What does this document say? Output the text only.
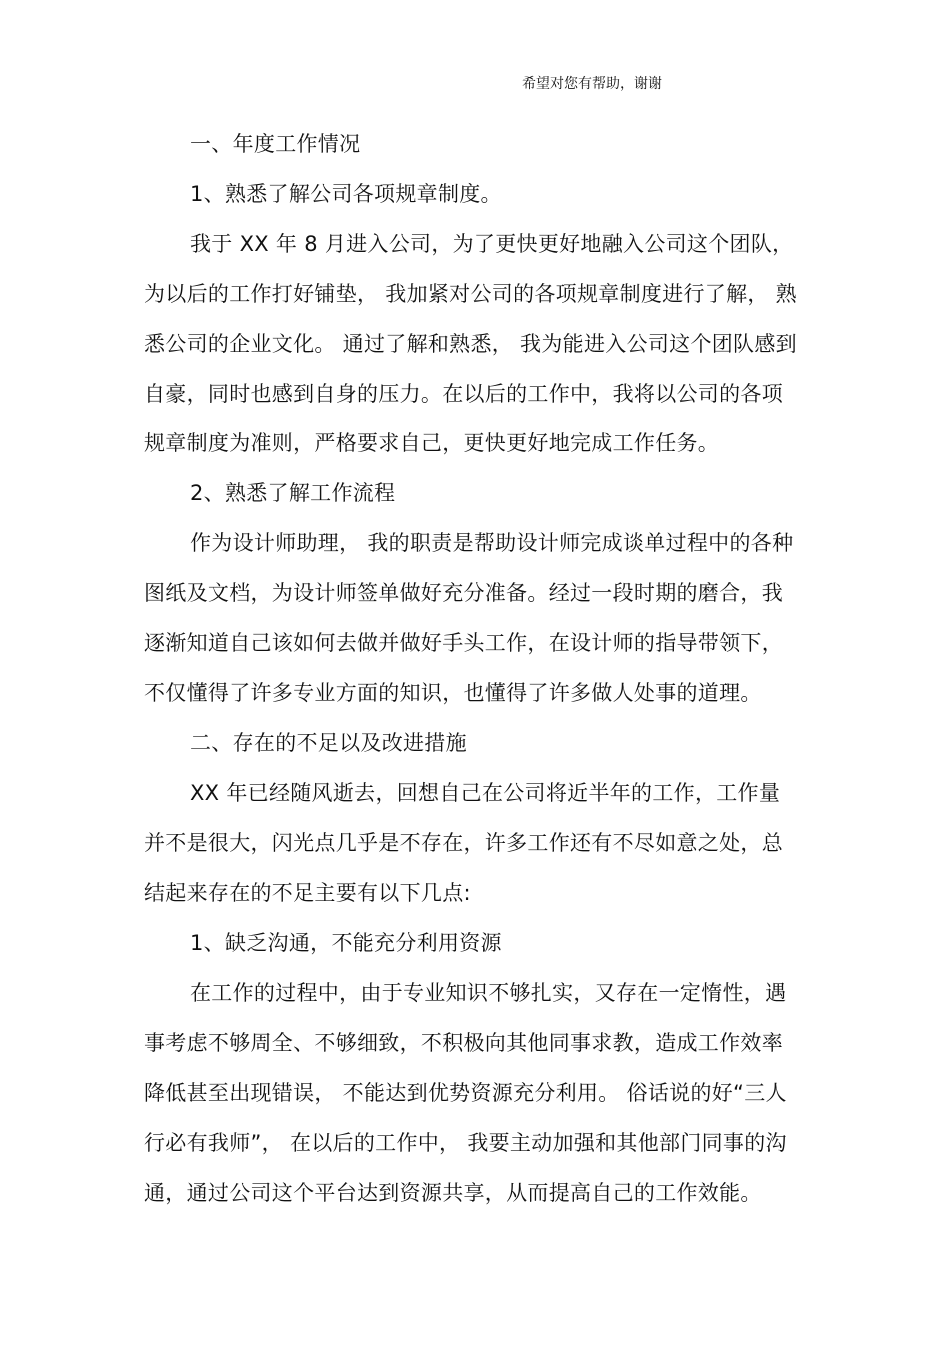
希望对您有帮助，谢谢
一、年度工作情况
1、熟悉了解公司各项规章制度。
我于 XX 年 8 月进入公司，为了更快更好地融入公司这个团队，
为以后的工作打好铺垫， 我加紧对公司的各项规章制度进行了解， 熟
悉公司的企业文化。 通过了解和熟悉， 我为能进入公司这个团队感到
自豪，同时也感到自身的压力。在以后的工作中，我将以公司的各项
规章制度为准则，严格要求自己，更快更好地完成工作任务。
2、熟悉了解工作流程
作为设计师助理， 我的职责是帮助设计师完成谈单过程中的各种
图纸及文档，为设计师签单做好充分准备。经过一段时期的磨合，我
逐渐知道自己该如何去做并做好手头工作，在设计师的指导带领下，
不仅懂得了许多专业方面的知识，也懂得了许多做人处事的道理。
二、存在的不足以及改进措施
XX 年已经随风逝去，回想自己在公司将近半年的工作，工作量
并不是很大，闪光点几乎是不存在，许多工作还有不尽如意之处，总
结起来存在的不足主要有以下几点:
1、缺乏沟通，不能充分利用资源
在工作的过程中，由于专业知识不够扎实，又存在一定惰性，遇
事考虑不够周全、不够细致，不积极向其他同事求教，造成工作效率
降低甚至出现错误， 不能达到优势资源充分利用。 俗话说的好“三人
行必有我师”， 在以后的工作中， 我要主动加强和其他部门同事的沟
通，通过公司这个平台达到资源共享，从而提高自己的工作效能。
